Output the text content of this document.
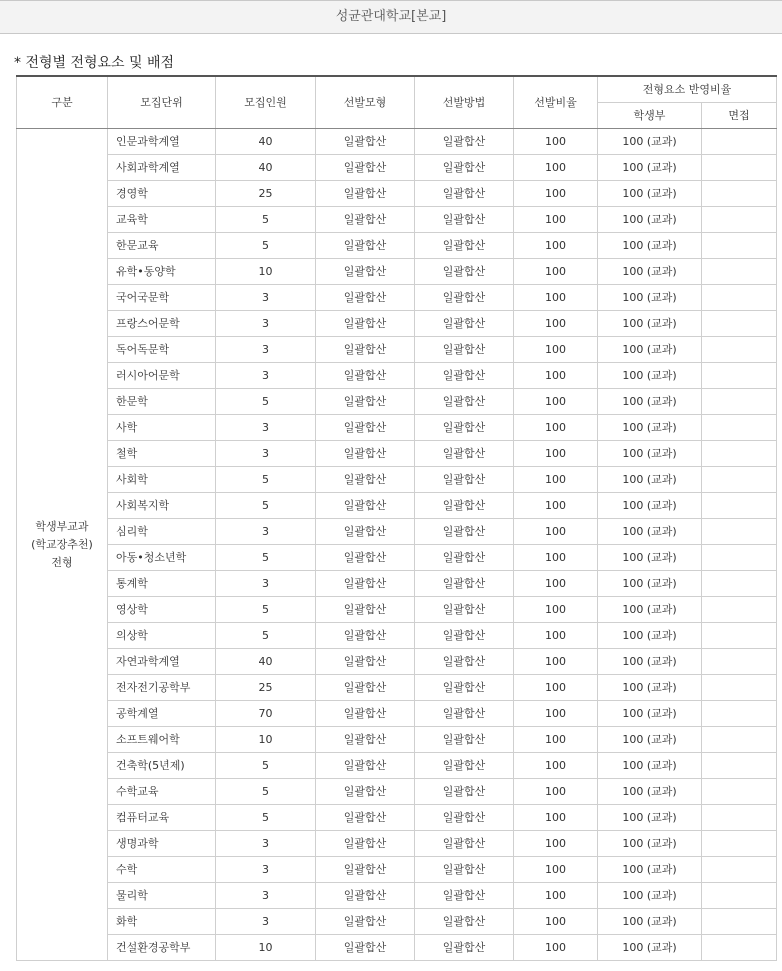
성균관대학교[본교]
* 전형별 전형요소 및 배점
구분	모집단위	모집인원	선발모형	선발방법	선발비율	전형요소 반영비율	
						학생부	면접

학생부교과
(학교장추천)
전형	인문과학계열	40	일괄합산	일괄합산	100	100 (교과)	
	사회과학계열	40	일괄합산	일괄합산	100	100 (교과)	
	경영학	25	일괄합산	일괄합산	100	100 (교과)	
	교육학	5	일괄합산	일괄합산	100	100 (교과)	
	한문교육	5	일괄합산	일괄합산	100	100 (교과)	
	유학•동양학	10	일괄합산	일괄합산	100	100 (교과)	
	국어국문학	3	일괄합산	일괄합산	100	100 (교과)	
	프랑스어문학	3	일괄합산	일괄합산	100	100 (교과)	
	독어독문학	3	일괄합산	일괄합산	100	100 (교과)	
	러시아어문학	3	일괄합산	일괄합산	100	100 (교과)	
	한문학	5	일괄합산	일괄합산	100	100 (교과)	
	사학	3	일괄합산	일괄합산	100	100 (교과)	
	철학	3	일괄합산	일괄합산	100	100 (교과)	
	사회학	5	일괄합산	일괄합산	100	100 (교과)	
	사회복지학	5	일괄합산	일괄합산	100	100 (교과)	
	심리학	3	일괄합산	일괄합산	100	100 (교과)	
	아동•청소년학	5	일괄합산	일괄합산	100	100 (교과)	
	통계학	3	일괄합산	일괄합산	100	100 (교과)	
	영상학	5	일괄합산	일괄합산	100	100 (교과)	
	의상학	5	일괄합산	일괄합산	100	100 (교과)	
	자연과학계열	40	일괄합산	일괄합산	100	100 (교과)	
	전자전기공학부	25	일괄합산	일괄합산	100	100 (교과)	
	공학계열	70	일괄합산	일괄합산	100	100 (교과)	
	소프트웨어학	10	일괄합산	일괄합산	100	100 (교과)	
	건축학(5년제)	5	일괄합산	일괄합산	100	100 (교과)	
	수학교육	5	일괄합산	일괄합산	100	100 (교과)	
	컴퓨터교육	5	일괄합산	일괄합산	100	100 (교과)	
	생명과학	3	일괄합산	일괄합산	100	100 (교과)	
	수학	3	일괄합산	일괄합산	100	100 (교과)	
	물리학	3	일괄합산	일괄합산	100	100 (교과)	
	화학	3	일괄합산	일괄합산	100	100 (교과)	
	건설환경공학부	10	일괄합산	일괄합산	100	100 (교과)	
